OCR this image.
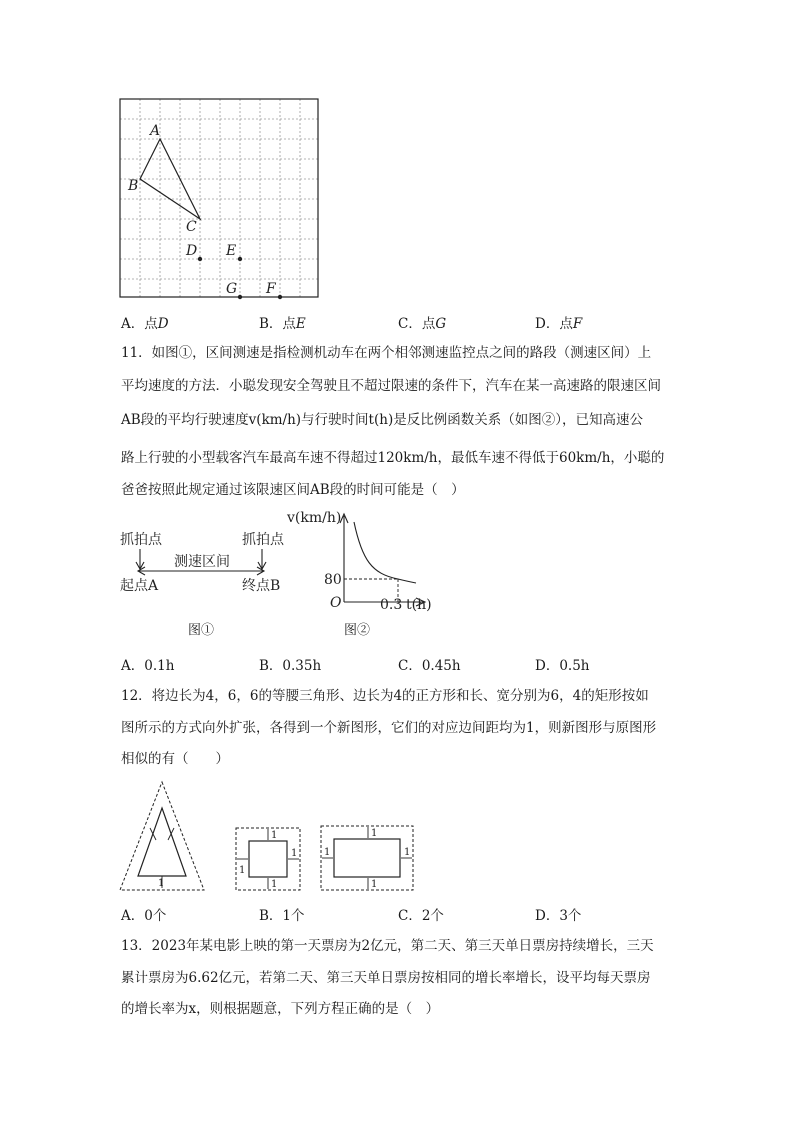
A
B
C
D E
G F
A．点D	B．点E	C．点G	D．点F
11．如图①，区间测速是指检测机动车在两个相邻测速监控点之间的路段（测速区间）上
平均速度的方法．小聪发现安全驾驶且不超过限速的条件下，汽车在某一高速路的限速区间
AB段的平均行驶速度v(km/h)与行驶时间t(h)是反比例函数关系（如图②），已知高速公
路上行驶的小型载客汽车最高车速不得超过120km/h，最低车速不得低于60km/h，小聪的
爸爸按照此规定通过该限速区间AB段的时间可能是（　）
抓拍点	抓拍点
测速区间
起点A	终点B
图①
v(km/h)
80
O	0.3 t(h)
图②
A．0.1h	B．0.35h	C．0.45h	D．0.5h
12．将边长为4，6，6的等腰三角形、边长为4的正方形和长、宽分别为6，4的矩形按如
图所示的方式向外扩张，各得到一个新图形，它们的对应边间距均为1，则新图形与原图形
相似的有（　　）
1
1
1
1
1
1
1	1
1
A．0个	B．1个	C．2个	D．3个
13．2023年某电影上映的第一天票房为2亿元，第二天、第三天单日票房持续增长，三天
累计票房为6.62亿元，若第二天、第三天单日票房按相同的增长率增长，设平均每天票房
的增长率为x，则根据题意，下列方程正确的是（　）
